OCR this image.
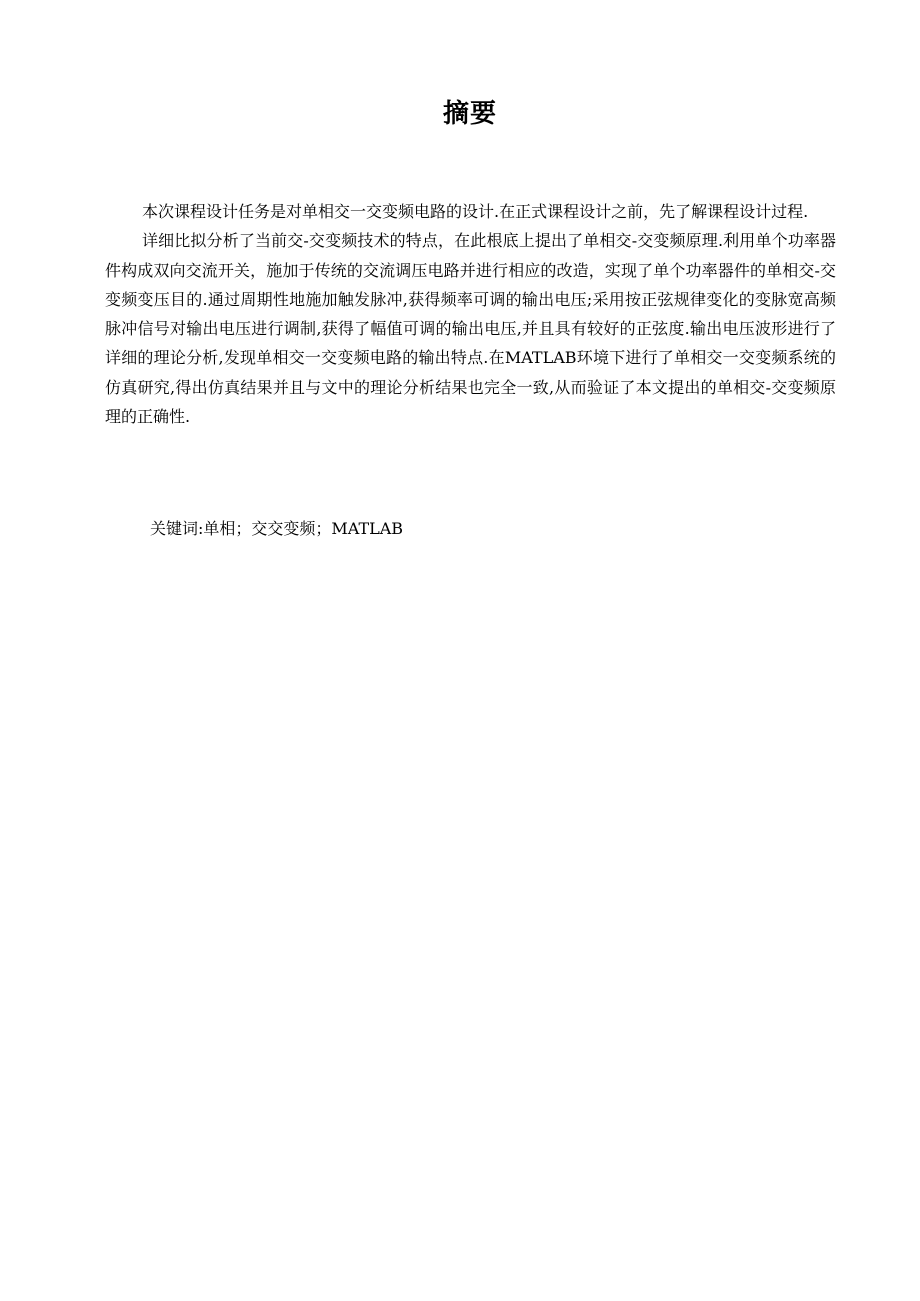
摘要

本次课程设计任务是对单相交一交变频电路的设计.在正式课程设计之前，先了解课程设计过程.

详细比拟分析了当前交-交变频技术的特点，在此根底上提出了单相交-交变频原理.利用单个功率器件构成双向交流开关，施加于传统的交流调压电路并进行相应的改造，实现了单个功率器件的单相交-交变频变压目的.通过周期性地施加触发脉冲,获得频率可调的输出电压;采用按正弦规律变化的变脉宽高频脉冲信号对输出电压进行调制,获得了幅值可调的输出电压,并且具有较好的正弦度.输出电压波形进行了详细的理论分析,发现单相交一交变频电路的输出特点.在MATLAB环境下进行了单相交一交变频系统的仿真研究,得出仿真结果并且与文中的理论分析结果也完全一致,从而验证了本文提出的单相交-交变频原理的正确性.

关键词:单相；交交变频；MATLAB
